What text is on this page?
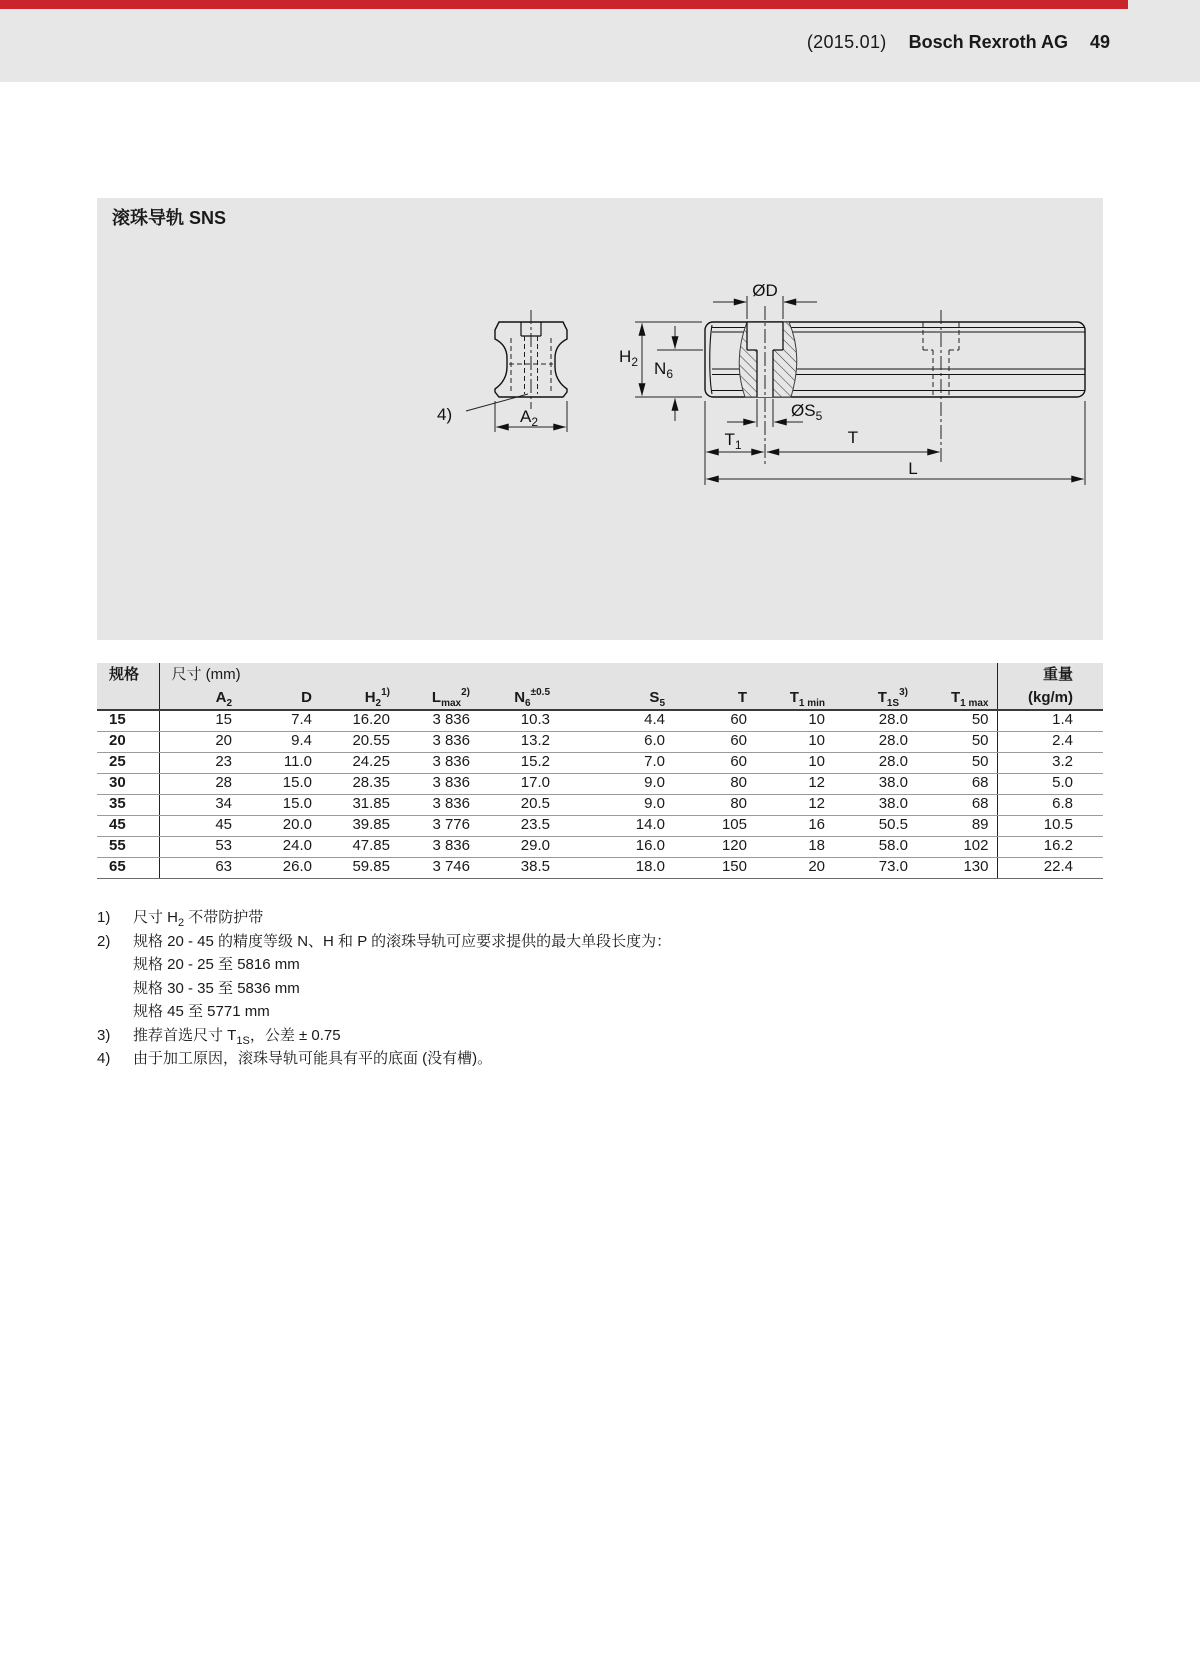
(2015.01) Bosch Rexroth AG 49
滚珠导轨 SNS
$A_2$
4)
ØD
$H_2$ $N_6$
$ØS_5$
$T_1$	T
L
规格	尺寸 (mm)										重量
	$A_2$	D	$H_2^{1)}$	$L_{max}^{2)}$	$N_6^{\pm 0.5}$	$S_5$	T	$T_{1 min}$	$T_{1S}^{3)}$	$T_{1 max}$	(kg/m)
15	15	7.4	16.20	3 836	10.3	4.4	60	10	28.0	50	1.4
20	20	9.4	20.55	3 836	13.2	6.0	60	10	28.0	50	2.4
25	23	11.0	24.25	3 836	15.2	7.0	60	10	28.0	50	3.2
30	28	15.0	28.35	3 836	17.0	9.0	80	12	38.0	68	5.0
35	34	15.0	31.85	3 836	20.5	9.0	80	12	38.0	68	6.8
45	45	20.0	39.85	3 776	23.5	14.0	105	16	50.5	89	10.5
55	53	24.0	47.85	3 836	29.0	16.0	120	18	58.0	102	16.2
65	63	26.0	59.85	3 746	38.5	18.0	150	20	73.0	130	22.4
1)	尺寸 $H_2$ 不带防护带
2)	规格 20 - 45 的精度等级 N、H 和 P 的滚珠导轨可应要求提供的最大单段长度为：
规格 20 - 25 至 5816 mm
规格 30 - 35 至 5836 mm
规格 45 至 5771 mm
3)	推荐首选尺寸 $T_{1S}$，公差 ± 0.75
4)	由于加工原因，滚珠导轨可能具有平的底面 (没有槽)。
